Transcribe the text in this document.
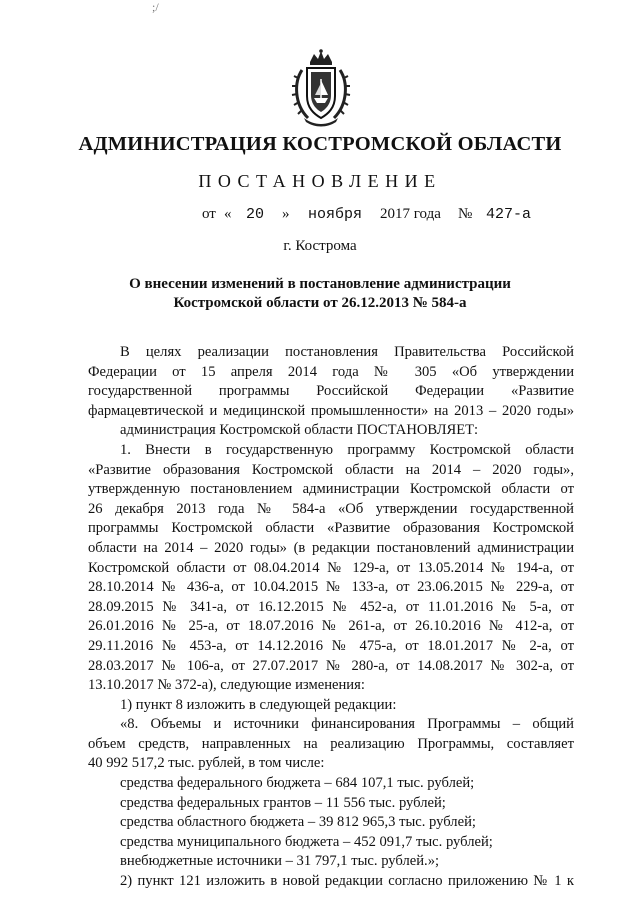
;/
АДМИНИСТРАЦИЯ КОСТРОМСКОЙ ОБЛАСТИ
ПОСТАНОВЛЕНИЕ
от « 20 » ноября 2017 года № 427-а
г. Кострома
О внесении изменений в постановление администрации
Костромской области от 26.12.2013 № 584-а

В целях реализации постановления Правительства Российской

Федерации от 15 апреля 2014 года № 305 «Об утверждении

государственной программы Российской Федерации «Развитие

фармацевтической и медицинской промышленности» на 2013 – 2020 годы»

администрация Костромской области ПОСТАНОВЛЯЕТ:

1. Внести в государственную программу Костромской области

«Развитие образования Костромской области на 2014 – 2020 годы»,

утвержденную постановлением администрации Костромской области от

26 декабря 2013 года № 584-а «Об утверждении государственной

программы Костромской области «Развитие образования Костромской

области на 2014 – 2020 годы» (в редакции постановлений администрации

Костромской области от 08.04.2014 № 129-а, от 13.05.2014 № 194-а, от

28.10.2014 № 436-а, от 10.04.2015 № 133-а, от 23.06.2015 № 229-а, от

28.09.2015 № 341-а, от 16.12.2015 № 452-а, от 11.01.2016 № 5-а, от

26.01.2016 № 25-а, от 18.07.2016 № 261-а, от 26.10.2016 № 412-а, от

29.11.2016 № 453-а, от 14.12.2016 № 475-а, от 18.01.2017 № 2-а, от

28.03.2017 № 106-а, от 27.07.2017 № 280-а, от 14.08.2017 № 302-а, от

13.10.2017 № 372-а), следующие изменения:

1) пункт 8 изложить в следующей редакции:

«8. Объемы и источники финансирования Программы – общий

объем средств, направленных на реализацию Программы, составляет

40 992 517,2 тыс. рублей, в том числе:

средства федерального бюджета – 684 107,1 тыс. рублей;

средства федеральных грантов – 11 556 тыс. рублей;

средства областного бюджета – 39 812 965,3 тыс. рублей;

средства муниципального бюджета – 452 091,7 тыс. рублей;

внебюджетные источники – 31 797,1 тыс. рублей.»;

2) пункт 121 изложить в новой редакции согласно приложению № 1 к
